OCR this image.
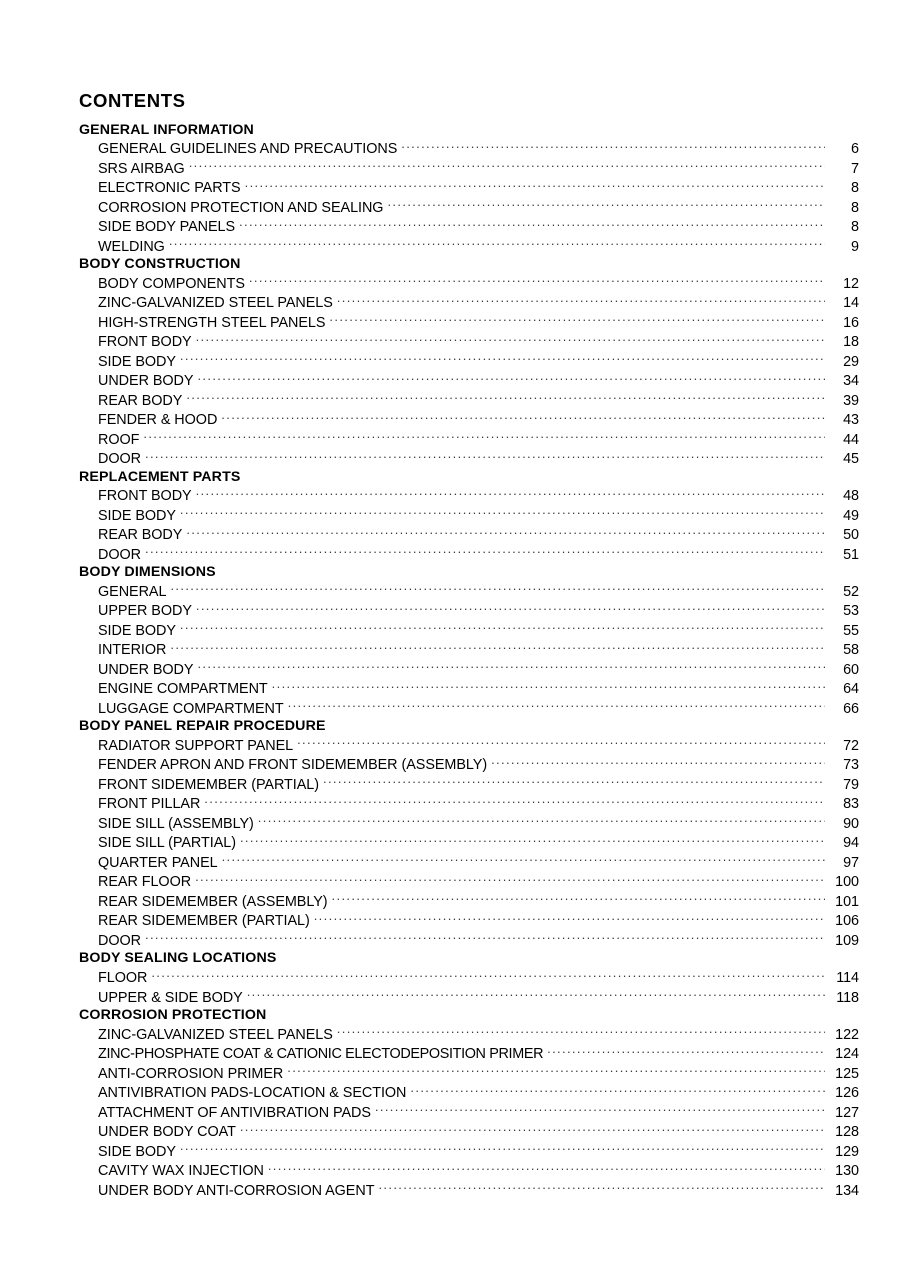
CONTENTS
GENERAL INFORMATION
GENERAL GUIDELINES AND PRECAUTIONS .....	6
SRS AIRBAG .....	7
ELECTRONIC PARTS .....	8
CORROSION PROTECTION AND SEALING .....	8
SIDE BODY PANELS .....	8
WELDING .....	9
BODY CONSTRUCTION
BODY COMPONENTS .....	12
ZINC-GALVANIZED STEEL PANELS .....	14
HIGH-STRENGTH STEEL PANELS .....	16
FRONT BODY .....	18
SIDE BODY .....	29
UNDER BODY .....	34
REAR BODY .....	39
FENDER & HOOD .....	43
ROOF .....	44
DOOR .....	45
REPLACEMENT PARTS
FRONT BODY .....	48
SIDE BODY .....	49
REAR BODY .....	50
DOOR .....	51
BODY DIMENSIONS
GENERAL .....	52
UPPER BODY .....	53
SIDE BODY .....	55
INTERIOR .....	58
UNDER BODY .....	60
ENGINE COMPARTMENT .....	64
LUGGAGE COMPARTMENT .....	66
BODY PANEL REPAIR PROCEDURE
RADIATOR SUPPORT PANEL .....	72
FENDER APRON AND FRONT SIDEMEMBER (ASSEMBLY) .....	73
FRONT SIDEMEMBER (PARTIAL) .....	79
FRONT PILLAR .....	83
SIDE SILL (ASSEMBLY) .....	90
SIDE SILL (PARTIAL) .....	94
QUARTER PANEL .....	97
REAR FLOOR .....	100
REAR SIDEMEMBER (ASSEMBLY) .....	101
REAR SIDEMEMBER (PARTIAL) .....	106
DOOR .....	109
BODY SEALING LOCATIONS
FLOOR .....	114
UPPER & SIDE BODY .....	118
CORROSION PROTECTION
ZINC-GALVANIZED STEEL PANELS .....	122
ZINC-PHOSPHATE COAT & CATIONIC ELECTODEPOSITION PRIMER .....	124
ANTI-CORROSION PRIMER .....	125
ANTIVIBRATION PADS-LOCATION & SECTION .....	126
ATTACHMENT OF ANTIVIBRATION PADS .....	127
UNDER BODY COAT .....	128
SIDE BODY .....	129
CAVITY WAX INJECTION .....	130
UNDER BODY ANTI-CORROSION AGENT .....	134
